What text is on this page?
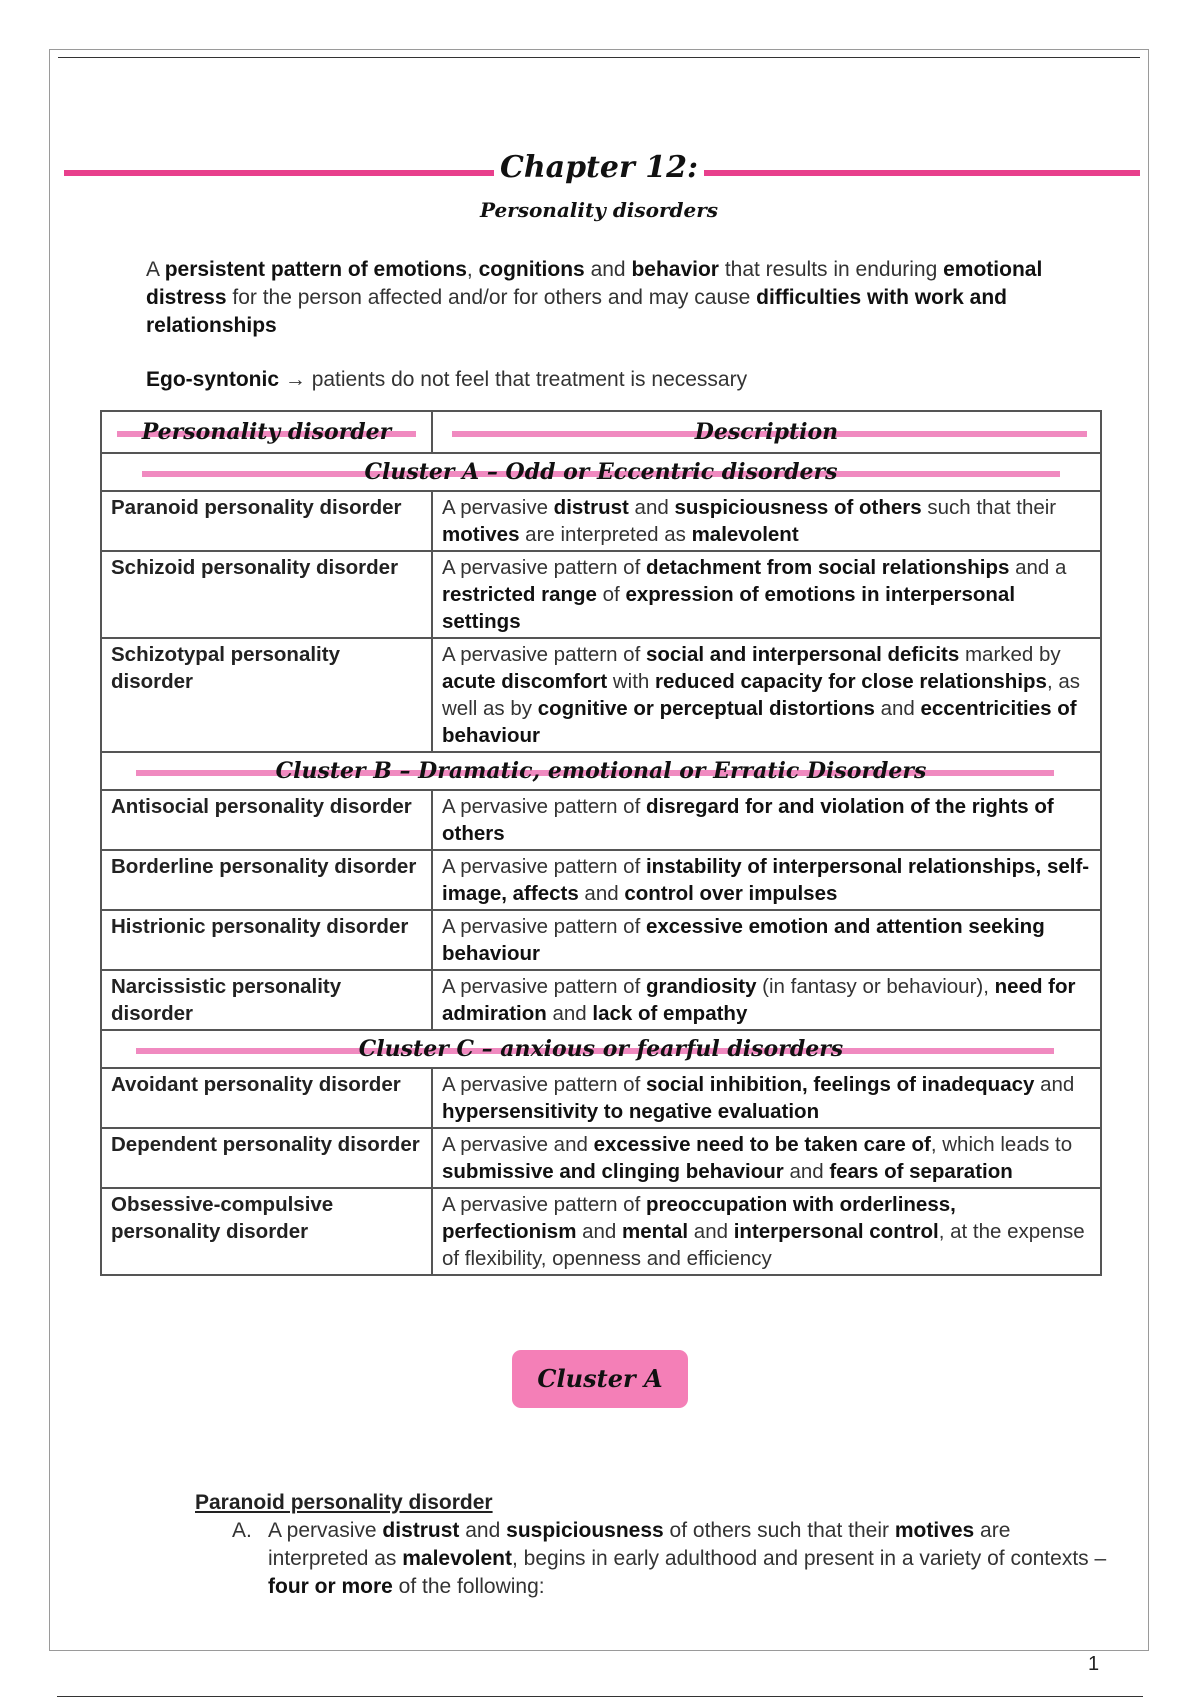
Chapter 12:
Personality disorders
A persistent pattern of emotions, cognitions and behavior that results in enduring emotional distress for the person affected and/or for others and may cause difficulties with work and relationships
Ego-syntonic → patients do not feel that treatment is necessary
Personality disorder	Description

Cluster A – Odd or Eccentric disorders	

Paranoid personality disorder	A pervasive distrust and suspiciousness of others such that their motives are interpreted as malevolent
Schizoid personality disorder	A pervasive pattern of detachment from social relationships and a restricted range of expression of emotions in interpersonal settings
Schizotypal personality disorder	A pervasive pattern of social and interpersonal deficits marked by acute discomfort with reduced capacity for close relationships, as well as by cognitive or perceptual distortions and eccentricities of behaviour

Cluster B – Dramatic, emotional or Erratic Disorders	

Antisocial personality disorder	A pervasive pattern of disregard for and violation of the rights of others
Borderline personality disorder	A pervasive pattern of instability of interpersonal relationships, self-image, affects and control over impulses
Histrionic personality disorder	A pervasive pattern of excessive emotion and attention seeking behaviour
Narcissistic personality disorder	A pervasive pattern of grandiosity (in fantasy or behaviour), need for admiration and lack of empathy

Cluster C – anxious or fearful disorders	

Avoidant personality disorder	A pervasive pattern of social inhibition, feelings of inadequacy and hypersensitivity to negative evaluation
Dependent personality disorder	A pervasive and excessive need to be taken care of, which leads to submissive and clinging behaviour and fears of separation
Obsessive-compulsive personality disorder	A pervasive pattern of preoccupation with orderliness, perfectionism and mental and interpersonal control, at the expense of flexibility, openness and efficiency
Paranoid personality disorder
A. A pervasive distrust and suspiciousness of others such that their motives are interpreted as malevolent, begins in early adulthood and present in a variety of contexts – four or more of the following:
1
Cluster A
